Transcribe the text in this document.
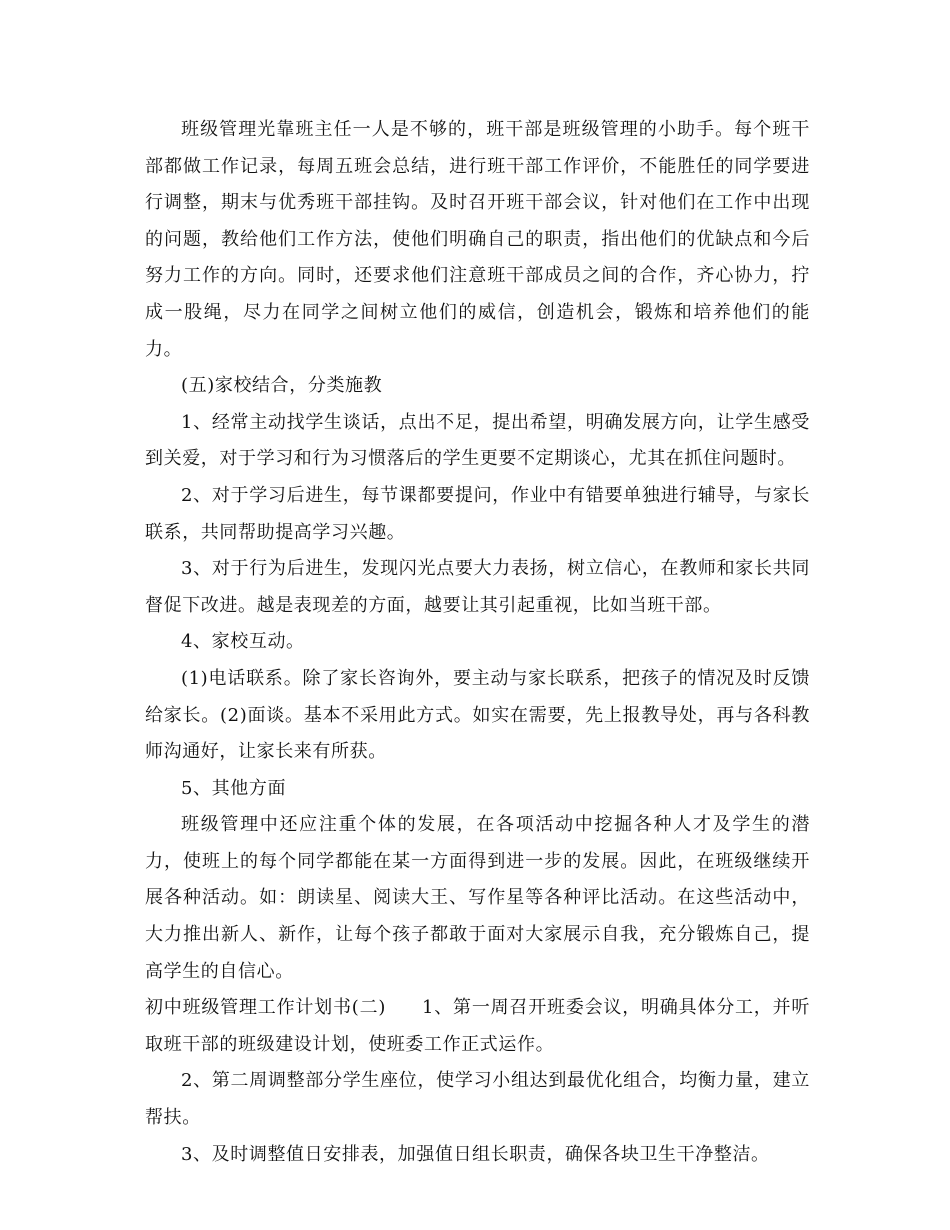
班级管理光靠班主任一人是不够的，班干部是班级管理的小助手。每个班干部都做工作记录，每周五班会总结，进行班干部工作评价，不能胜任的同学要进行调整，期末与优秀班干部挂钩。及时召开班干部会议，针对他们在工作中出现的问题，教给他们工作方法，使他们明确自己的职责，指出他们的优缺点和今后努力工作的方向。同时，还要求他们注意班干部成员之间的合作，齐心协力，拧成一股绳，尽力在同学之间树立他们的威信，创造机会，锻炼和培养他们的能力。

(五)家校结合，分类施教

1、经常主动找学生谈话，点出不足，提出希望，明确发展方向，让学生感受到关爱，对于学习和行为习惯落后的学生更要不定期谈心，尤其在抓住问题时。

2、对于学习后进生，每节课都要提问，作业中有错要单独进行辅导，与家长联系，共同帮助提高学习兴趣。

3、对于行为后进生，发现闪光点要大力表扬，树立信心，在教师和家长共同督促下改进。越是表现差的方面，越要让其引起重视，比如当班干部。

4、家校互动。

(1)电话联系。除了家长咨询外，要主动与家长联系，把孩子的情况及时反馈给家长。(2)面谈。基本不采用此方式。如实在需要，先上报教导处，再与各科教师沟通好，让家长来有所获。

5、其他方面

班级管理中还应注重个体的发展，在各项活动中挖掘各种人才及学生的潜力，使班上的每个同学都能在某一方面得到进一步的发展。因此，在班级继续开展各种活动。如：朗读星、阅读大王、写作星等各种评比活动。在这些活动中，大力推出新人、新作，让每个孩子都敢于面对大家展示自我，充分锻炼自己，提高学生的自信心。

初中班级管理工作计划书(二) 1、第一周召开班委会议，明确具体分工，并听取班干部的班级建设计划，使班委工作正式运作。

2、第二周调整部分学生座位，使学习小组达到最优化组合，均衡力量，建立帮扶。

3、及时调整值日安排表，加强值日组长职责，确保各块卫生干净整洁。
